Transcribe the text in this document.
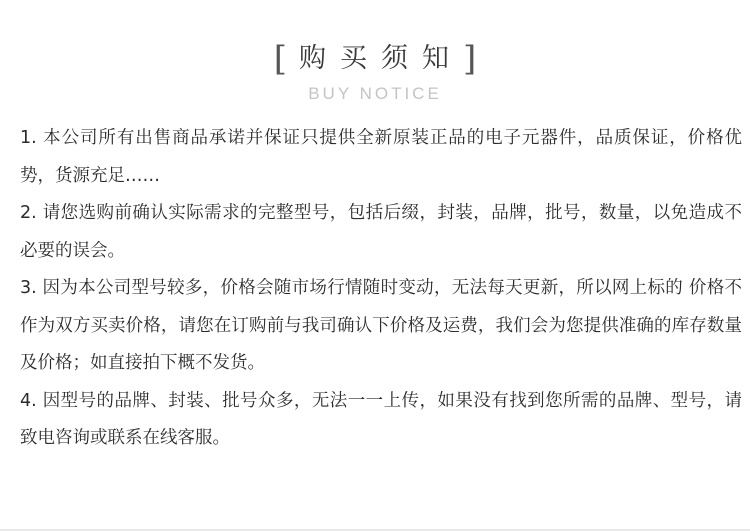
[ 购买须知 ]
BUY NOTICE

1. 本公司所有出售商品承诺并保证只提供全新原装正品的电子元器件，品质保证，价格优势，货源充足……

2. 请您选购前确认实际需求的完整型号，包括后缀，封装，品牌，批号，数量，以免造成不必要的误会。

3. 因为本公司型号较多，价格会随市场行情随时变动，无法每天更新，所以网上标的 价格不作为双方买卖价格，请您在订购前与我司确认下价格及运费，我们会为您提供准确的库存数量及价格；如直接拍下概不发货。

4. 因型号的品牌、封装、批号众多，无法一一上传，如果没有找到您所需的品牌、型号，请致电咨询或联系在线客服。
